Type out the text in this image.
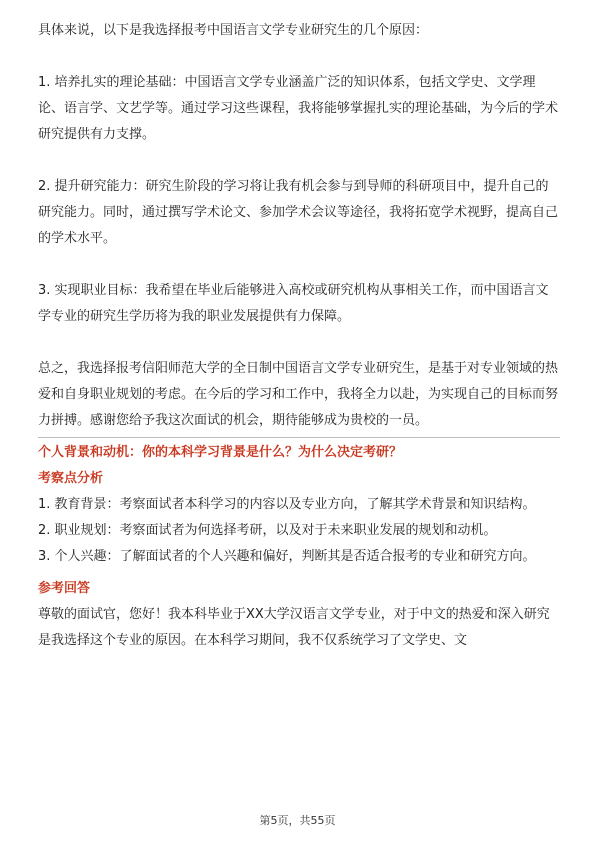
具体来说，以下是我选择报考中国语言文学专业研究生的几个原因：

1. 培养扎实的理论基础：中国语言文学专业涵盖广泛的知识体系，包括文学史、文学理论、语言学、文艺学等。通过学习这些课程，我将能够掌握扎实的理论基础，为今后的学术研究提供有力支撑。

2. 提升研究能力：研究生阶段的学习将让我有机会参与到导师的科研项目中，提升自己的研究能力。同时，通过撰写学术论文、参加学术会议等途径，我将拓宽学术视野，提高自己的学术水平。

3. 实现职业目标：我希望在毕业后能够进入高校或研究机构从事相关工作，而中国语言文学专业的研究生学历将为我的职业发展提供有力保障。

总之，我选择报考信阳师范大学的全日制中国语言文学专业研究生，是基于对专业领域的热爱和自身职业规划的考虑。在今后的学习和工作中，我将全力以赴，为实现自己的目标而努力拼搏。感谢您给予我这次面试的机会，期待能够成为贵校的一员。

个人背景和动机：你的本科学习背景是什么？为什么决定考研？

考察点分析

1. 教育背景：考察面试者本科学习的内容以及专业方向，了解其学术背景和知识结构。

2. 职业规划：考察面试者为何选择考研，以及对于未来职业发展的规划和动机。

3. 个人兴趣：了解面试者的个人兴趣和偏好，判断其是否适合报考的专业和研究方向。

参考回答

尊敬的面试官，您好！我本科毕业于XX大学汉语言文学专业，对于中文的热爱和深入研究是我选择这个专业的原因。在本科学习期间，我不仅系统学习了文学史、文

第5页，共55页
